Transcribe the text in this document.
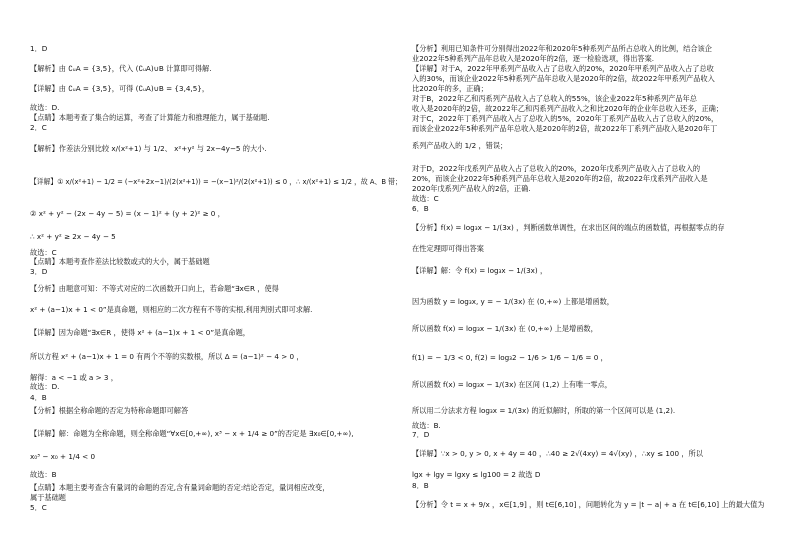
1．D
【解析】由 ∁ᵤA = {3,5}，代入 (∁ᵤA)∪B 计算即可得解.
【详解】由 ∁ᵤA = {3,5}，可得 (∁ᵤA)∪B = {3,4,5}，
故选：D.
【点睛】本题考查了集合的运算，考查了计算能力和推理能力，属于基础题.
2．C
【解析】作差法分别比较 x/(x²+1) 与 1/2、 x²+y² 与 2x−4y−5 的大小.
【详解】① x/(x²+1) − 1/2 = (−x²+2x−1)/(2(x²+1)) = −(x−1)²/(2(x²+1)) ≤ 0 ，∴ x/(x²+1) ≤ 1/2 ，故 A、B 错；
② x² + y² − (2x − 4y − 5) = (x − 1)² + (y + 2)² ≥ 0 ，
∴ x² + y² ≥ 2x − 4y − 5
故选：C
【点睛】本题考查作差法比较数或式的大小，属于基础题
3．D
【分析】由题意可知：不等式对应的二次函数开口向上，若命题“∃x∈R ，使得
x² + (a−1)x + 1 < 0”是真命题，则相应的二次方程有不等的实根,利用判别式即可求解.
【详解】因为命题“∃x∈R ，使得 x² + (a−1)x + 1 < 0”是真命题，
所以方程 x² + (a−1)x + 1 = 0 有两个不等的实数根，所以 Δ = (a−1)² − 4 > 0 ，
解得：a < −1 或 a > 3 ，
故选：D.
4．B
【分析】根据全称命题的否定为特称命题即可解答
【详解】解：命题为全称命题，则全称命题“∀x∈[0,+∞), x³ − x + 1/4 ≥ 0”的否定是 ∃x₀∈[0,+∞),
x₀³ − x₀ + 1/4 < 0
故选：B
【点睛】本题主要考查含有量词的命题的否定,含有量词命题的否定:结论否定，量词相应改变，
属于基础题
5．C
【分析】利用已知条件可分别得出2022年和2020年5种系列产品所占总收入的比例，结合该企
业2022年5种系列产品年总收入是2020年的2倍，逐一检验选项，得出答案.
【详解】对于A，2022年甲系列产品收入占了总收入的20%，2020年甲系列产品收入占了总收
入的30%，而该企业2022年5种系列产品年总收入是2020年的2倍，故2022年甲系列产品收入
比2020年的多，正确；
对于B，2022年乙和丙系列产品收入占了总收入的55%，该企业2022年5种系列产品年总
收入是2020年的2倍，故2022年乙和丙系列产品收入之和比2020年的企业年总收入还多，正确；
对于C，2022年丁系列产品收入占了总收入的5%，2020年丁系列产品收入占了总收入的20%，
而该企业2022年5种系列产品年总收入是2020年的2倍，故2022年丁系列产品收入是2020年丁
系列产品收入的 1/2 ，错误；
对于D，2022年戊系列产品收入占了总收入的20%，2020年戊系列产品收入占了总收入的
20%，而该企业2022年5种系列产品年总收入是2020年的2倍，故2022年戊系列产品收入是
2020年戊系列产品收入的2倍，正确.
故选：C
6．B
【分析】f(x) = log₃x − 1/(3x) ，判断函数单调性，在求出区间的端点的函数值，再根据零点的存
在性定理即可得出答案
【详解】解：令 f(x) = log₃x − 1/(3x) ，
因为函数 y = log₃x, y = − 1/(3x) 在 (0,+∞) 上都是增函数，
所以函数 f(x) = log₃x − 1/(3x) 在 (0,+∞) 上是增函数，
f(1) = − 1/3 < 0, f(2) = log₃2 − 1/6 > 1/6 − 1/6 = 0 ，
所以函数 f(x) = log₃x − 1/(3x) 在区间 (1,2) 上有唯一零点，
所以用二分法求方程 log₃x = 1/(3x) 的近似解时，所取的第一个区间可以是 (1,2).
故选：B.
7．D
【详解】∵x > 0, y > 0, x + 4y = 40 ，∴40 ≥ 2√(4xy) = 4√(xy) ，∴xy ≤ 100 ，所以
lgx + lgy = lgxy ≤ lg100 = 2 故选 D
8．B
【分析】令 t = x + 9/x ，x∈[1,9] ，则 t∈[6,10] ，问题转化为 y = |t − a| + a 在 t∈[6,10] 上的最大值为
